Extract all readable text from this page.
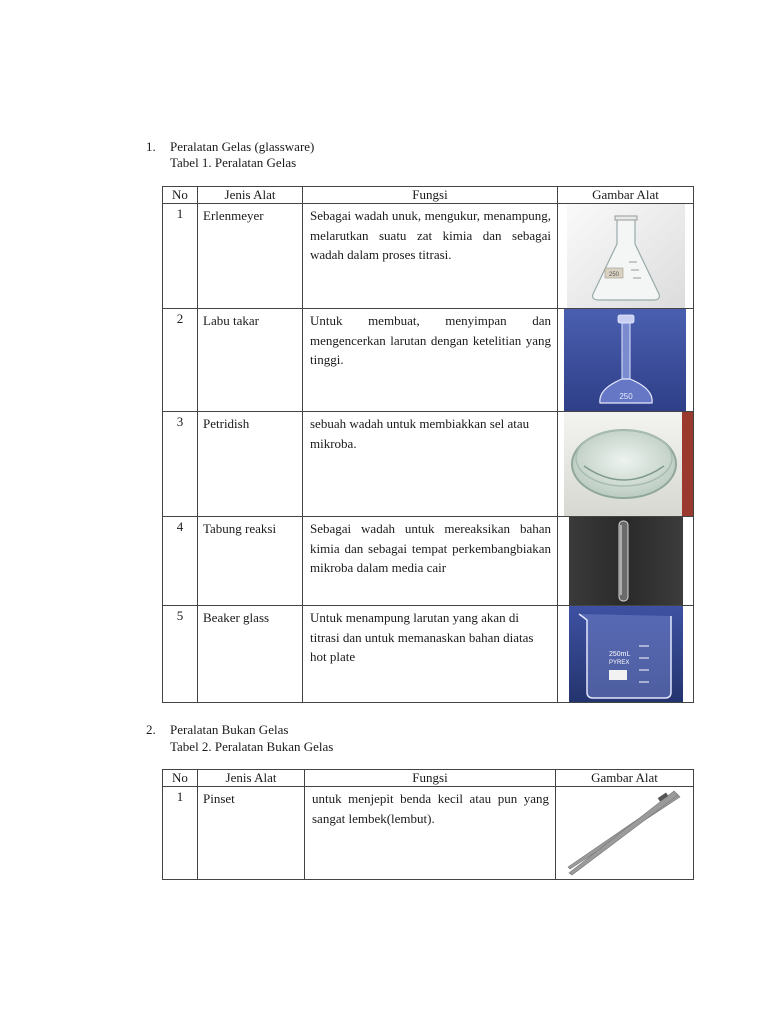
1. Peralatan Gelas (glassware)
Tabel 1. Peralatan Gelas
No	Jenis Alat	Fungsi	Gambar Alat
1	Erlenmeyer	Sebagai wadah unuk, mengukur, menampung, melarutkan suatu zat kimia dan sebagai wadah dalam proses titrasi.	250

2	Labu takar	Untuk membuat, menyimpan dan mengencerkan larutan dengan ketelitian yang tinggi.	250

3	Petridish	sebuah wadah untuk membiakkan sel atau mikroba.	

4	Tabung reaksi	Sebagai wadah untuk mereaksikan bahan kimia dan sebagai tempat perkembangbiakan mikroba dalam media cair	

5	Beaker glass	Untuk menampung larutan yang akan di titrasi dan untuk memanaskan bahan diatas hot plate	250mL
PYREX
2. Peralatan Bukan Gelas
Tabel 2. Peralatan Bukan Gelas
No	Jenis Alat	Fungsi	Gambar Alat
1	Pinset	untuk menjepit benda kecil atau pun yang sangat lembek(lembut).	
